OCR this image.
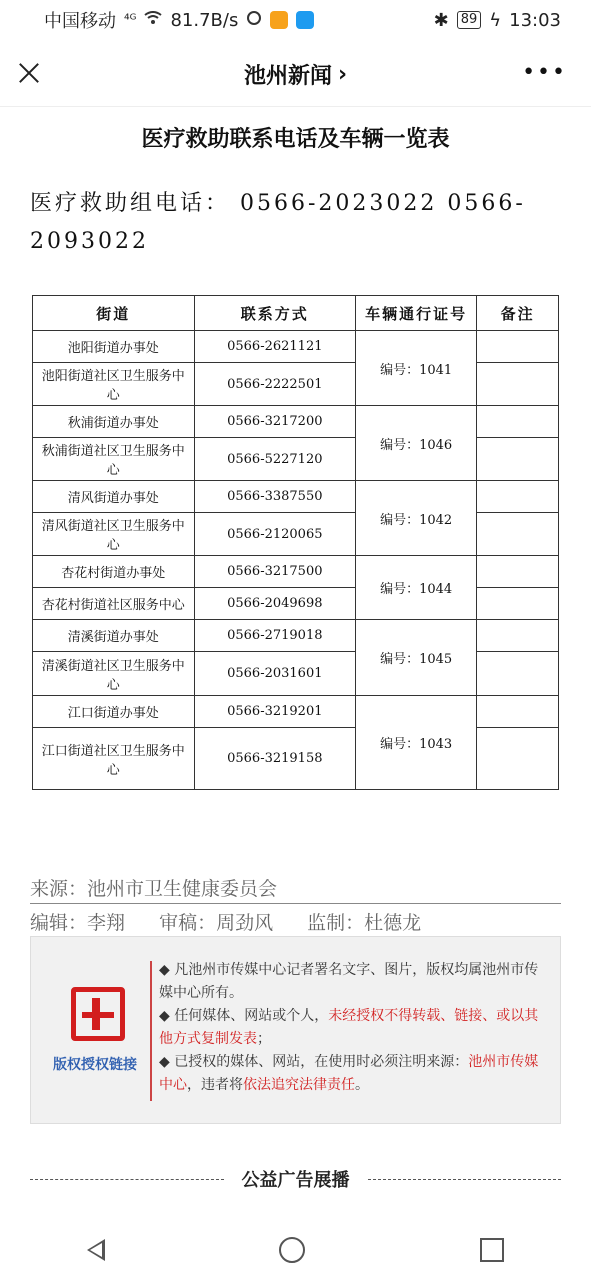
中国移动 ⁴ᴳ 81.7B/s	✱ 89 ϟ 13:03
池州新闻 ›	•••
医疗救助联系电话及车辆一览表
医疗救助组电话： 0566-2023022 0566-2093022
街道	联系方式	车辆通行证号	备注
池阳街道办事处	0566-2621121	编号：1041	
池阳街道社区卫生服务中心	0566-2222501		
秋浦街道办事处	0566-3217200	编号：1046	
秋浦街道社区卫生服务中心	0566-5227120		
清风街道办事处	0566-3387550	编号：1042	
清风街道社区卫生服务中心	0566-2120065		
杏花村街道办事处	0566-3217500	编号：1044	
杏花村街道社区服务中心	0566-2049698		
清溪街道办事处	0566-2719018	编号：1045	
清溪街道社区卫生服务中心	0566-2031601		
江口街道办事处	0566-3219201	编号：1043	
江口街道社区卫生服务中心	0566-3219158		
来源：池州市卫生健康委员会
编辑：李翔 审稿：周劲风 监制：杜德龙
版权授权链接

◆ 凡池州市传媒中心记者署名文字、图片，版权均属池州市传媒中心所有。

◆ 任何媒体、网站或个人，未经授权不得转载、链接、或以其他方式复制发表；

◆ 已授权的媒体、网站，在使用时必须注明来源：池州市传媒中心，违者将依法追究法律责任。

公益广告展播
